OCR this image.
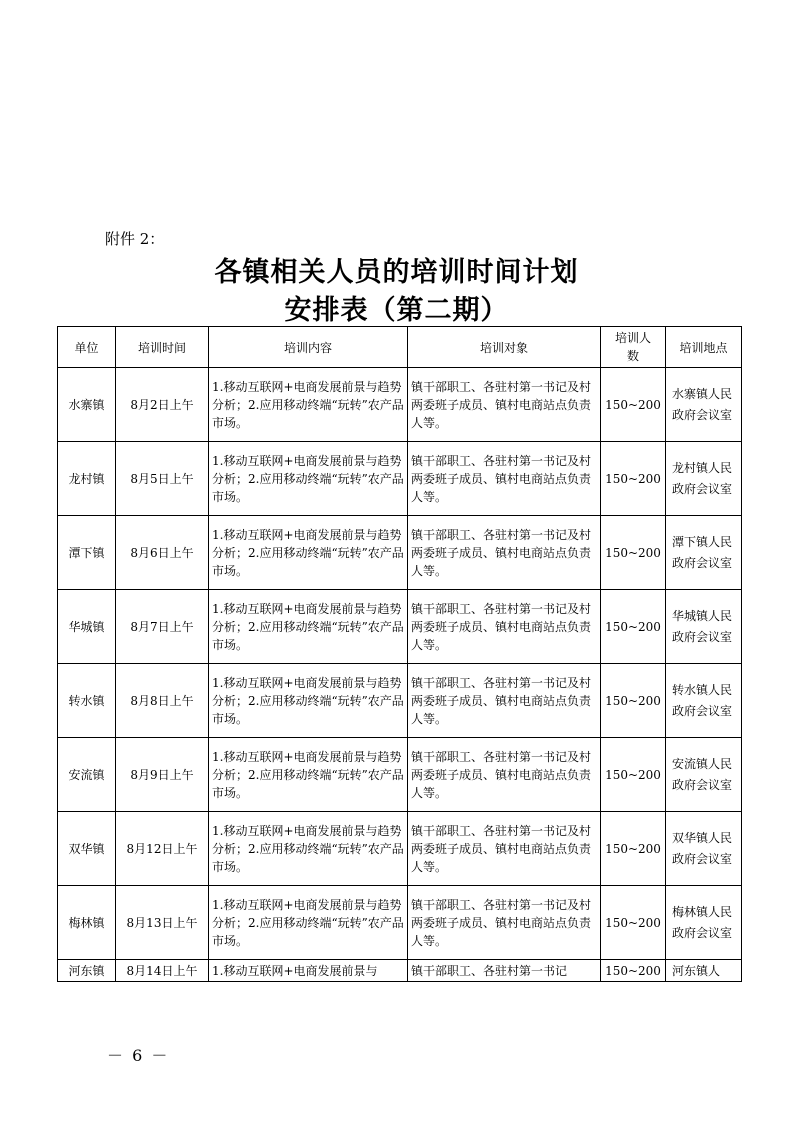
附件 2：
各镇相关人员的培训时间计划
安排表（第二期）
单位	培训时间	培训内容	培训对象	培训人数	培训地点
水寨镇	8月2日上午	1.移动互联网+电商发展前景与趋势分析；2.应用移动终端“玩转”农产品市场。	镇干部职工、各驻村第一书记及村两委班子成员、镇村电商站点负责人等。	150~200	水寨镇人民政府会议室
龙村镇	8月5日上午	1.移动互联网+电商发展前景与趋势分析；2.应用移动终端“玩转”农产品市场。	镇干部职工、各驻村第一书记及村两委班子成员、镇村电商站点负责人等。	150~200	龙村镇人民政府会议室
潭下镇	8月6日上午	1.移动互联网+电商发展前景与趋势分析；2.应用移动终端“玩转”农产品市场。	镇干部职工、各驻村第一书记及村两委班子成员、镇村电商站点负责人等。	150~200	潭下镇人民政府会议室
华城镇	8月7日上午	1.移动互联网+电商发展前景与趋势分析；2.应用移动终端“玩转”农产品市场。	镇干部职工、各驻村第一书记及村两委班子成员、镇村电商站点负责人等。	150~200	华城镇人民政府会议室
转水镇	8月8日上午	1.移动互联网+电商发展前景与趋势分析；2.应用移动终端“玩转”农产品市场。	镇干部职工、各驻村第一书记及村两委班子成员、镇村电商站点负责人等。	150~200	转水镇人民政府会议室
安流镇	8月9日上午	1.移动互联网+电商发展前景与趋势分析；2.应用移动终端“玩转”农产品市场。	镇干部职工、各驻村第一书记及村两委班子成员、镇村电商站点负责人等。	150~200	安流镇人民政府会议室
双华镇	8月12日上午	1.移动互联网+电商发展前景与趋势分析；2.应用移动终端“玩转”农产品市场。	镇干部职工、各驻村第一书记及村两委班子成员、镇村电商站点负责人等。	150~200	双华镇人民政府会议室
梅林镇	8月13日上午	1.移动互联网+电商发展前景与趋势分析；2.应用移动终端“玩转”农产品市场。	镇干部职工、各驻村第一书记及村两委班子成员、镇村电商站点负责人等。	150~200	梅林镇人民政府会议室
河东镇	8月14日上午	1.移动互联网+电商发展前景与	镇干部职工、各驻村第一书记	150~200	河东镇人
－ 6 －
